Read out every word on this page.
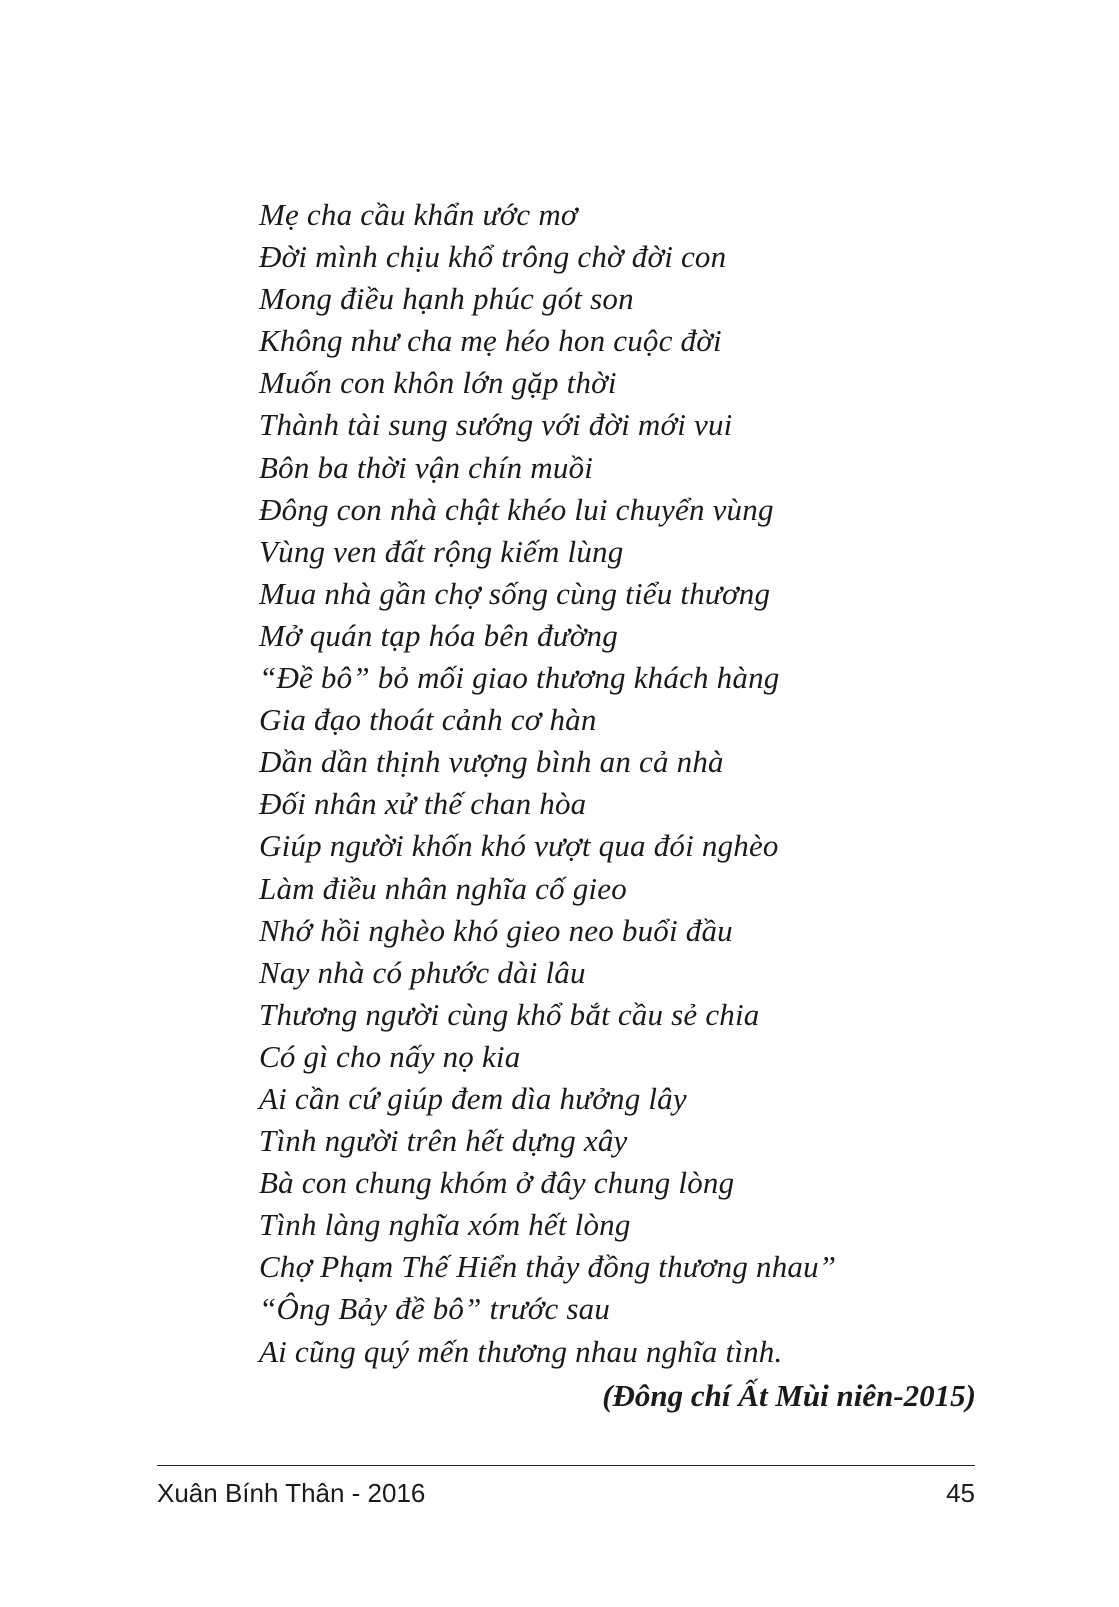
Mẹ cha cầu khẩn ước mơ
Đời mình chịu khổ trông chờ đời con
Mong điều hạnh phúc gót son
Không như cha mẹ héo hon cuộc đời
Muốn con khôn lớn gặp thời
Thành tài sung sướng với đời mới vui
Bôn ba thời vận chín muồi
Đông con nhà chật khéo lui chuyển vùng
Vùng ven đất rộng kiếm lùng
Mua nhà gần chợ sống cùng tiểu thương
Mở quán tạp hóa bên đường
“Đề bô” bỏ mối giao thương khách hàng
Gia đạo thoát cảnh cơ hàn
Dần dần thịnh vượng bình an cả nhà
Đối nhân xử thế chan hòa
Giúp người khốn khó vượt qua đói nghèo
Làm điều nhân nghĩa cố gieo
Nhớ hồi nghèo khó gieo neo buổi đầu
Nay nhà có phước dài lâu
Thương người cùng khổ bắt cầu sẻ chia
Có gì cho nấy nọ kia
Ai cần cứ giúp đem dìa hưởng lây
Tình người trên hết dựng xây
Bà con chung khóm ở đây chung lòng
Tình làng nghĩa xóm hết lòng
Chợ Phạm Thế Hiển thảy đồng thương nhau”
“Ông Bảy đề bô” trước sau
Ai cũng quý mến thương nhau nghĩa tình.
(Đông chí Ất Mùi niên-2015)
Xuân Bính Thân - 2016	45
